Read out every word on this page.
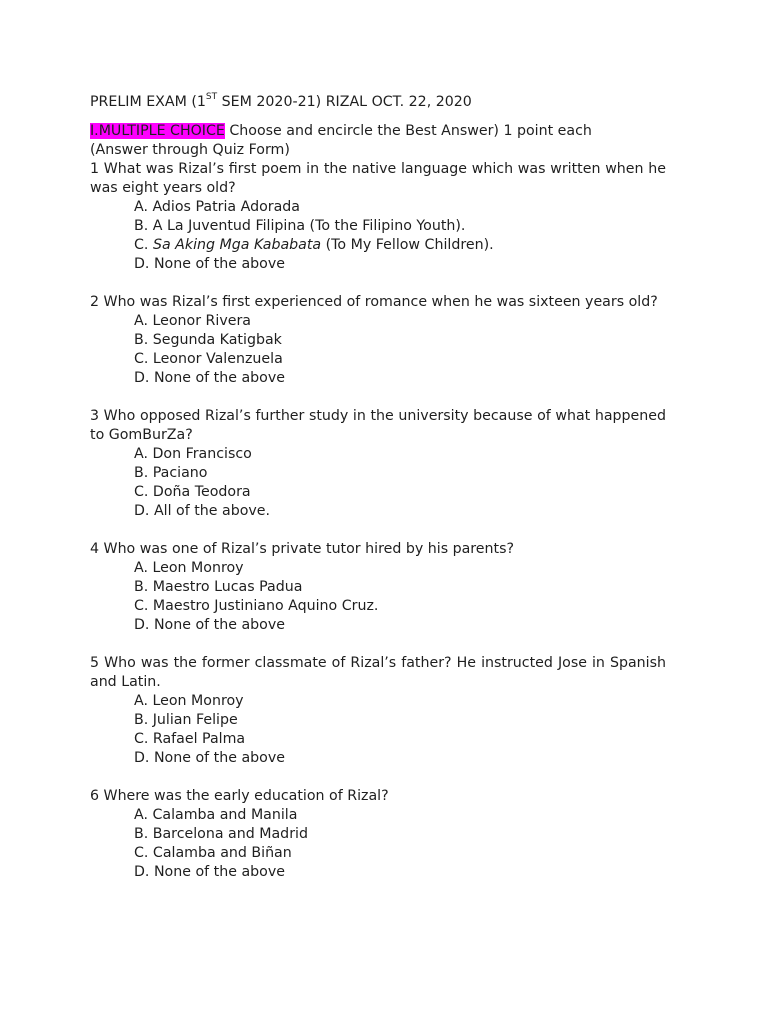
PRELIM EXAM (1ST SEM 2020-21) RIZAL OCT. 22, 2020
I.MULTIPLE CHOICE Choose and encircle the Best Answer) 1 point each
(Answer through Quiz Form)
1 What was Rizal’s first poem in the native language which was written when he was eight years old?
A. Adios Patria Adorada
B. A La Juventud Filipina (To the Filipino Youth).
C. Sa Aking Mga Kababata (To My Fellow Children).
D. None of the above
2 Who was Rizal’s first experienced of romance when he was sixteen years old?
A. Leonor Rivera
B. Segunda Katigbak
C. Leonor Valenzuela
D. None of the above
3 Who opposed Rizal’s further study in the university because of what happened to GomBurZa?
A. Don Francisco
B. Paciano
C. Doña Teodora
D. All of the above.
4 Who was one of Rizal’s private tutor hired by his parents?
A. Leon Monroy
B. Maestro Lucas Padua
C. Maestro Justiniano Aquino Cruz.
D. None of the above
5 Who was the former classmate of Rizal’s father? He instructed Jose in Spanish and Latin.
A. Leon Monroy
B. Julian Felipe
C. Rafael Palma
D. None of the above
6 Where was the early education of Rizal?
A. Calamba and Manila
B. Barcelona and Madrid
C. Calamba and Biñan
D. None of the above
